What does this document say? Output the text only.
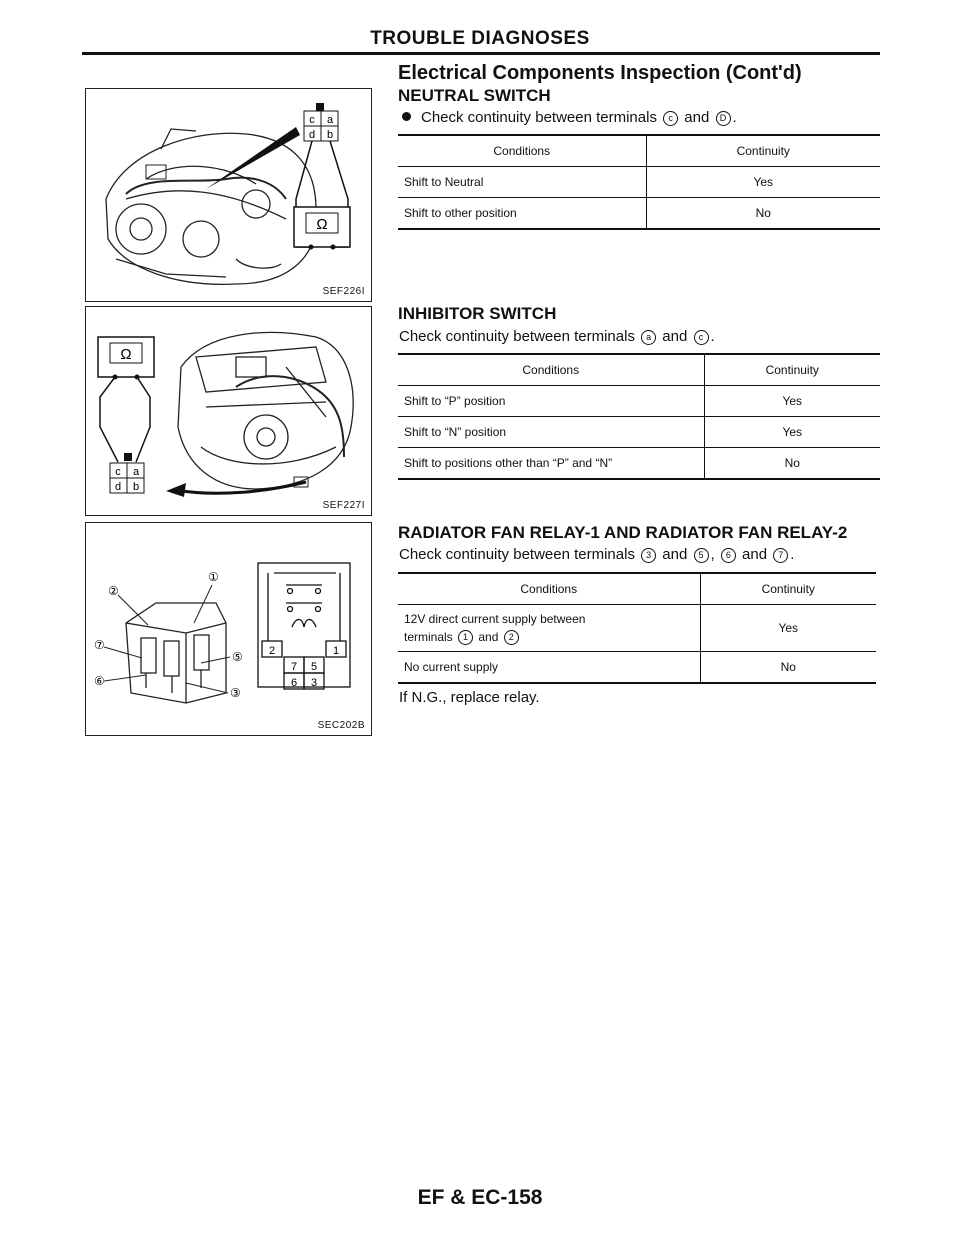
TROUBLE DIAGNOSES
c a
d b
Ω
SEF226I
Ω
c a
d b
SEF227I
②
①
⑦
⑥
⑤
③
2	1
7 5
6 3
SEC202B
Electrical Components Inspection (Cont'd)
NEUTRAL SWITCH
Check continuity between terminals c and D .
Conditions	Continuity
Shift to Neutral	Yes
Shift to other position	No
INHIBITOR SWITCH
Check continuity between terminals a and c .
Conditions	Continuity
Shift to “P” position	Yes
Shift to “N” position	Yes
Shift to positions other than “P” and “N”	No
RADIATOR FAN RELAY-1 AND RADIATOR FAN RELAY-2
Check continuity between terminals 3 and 5 , 6 and 7 .
Conditions	Continuity
12V direct current supply between
terminals 1 and 2	Yes
No current supply	No
If N.G., replace relay.
EF & EC-158
